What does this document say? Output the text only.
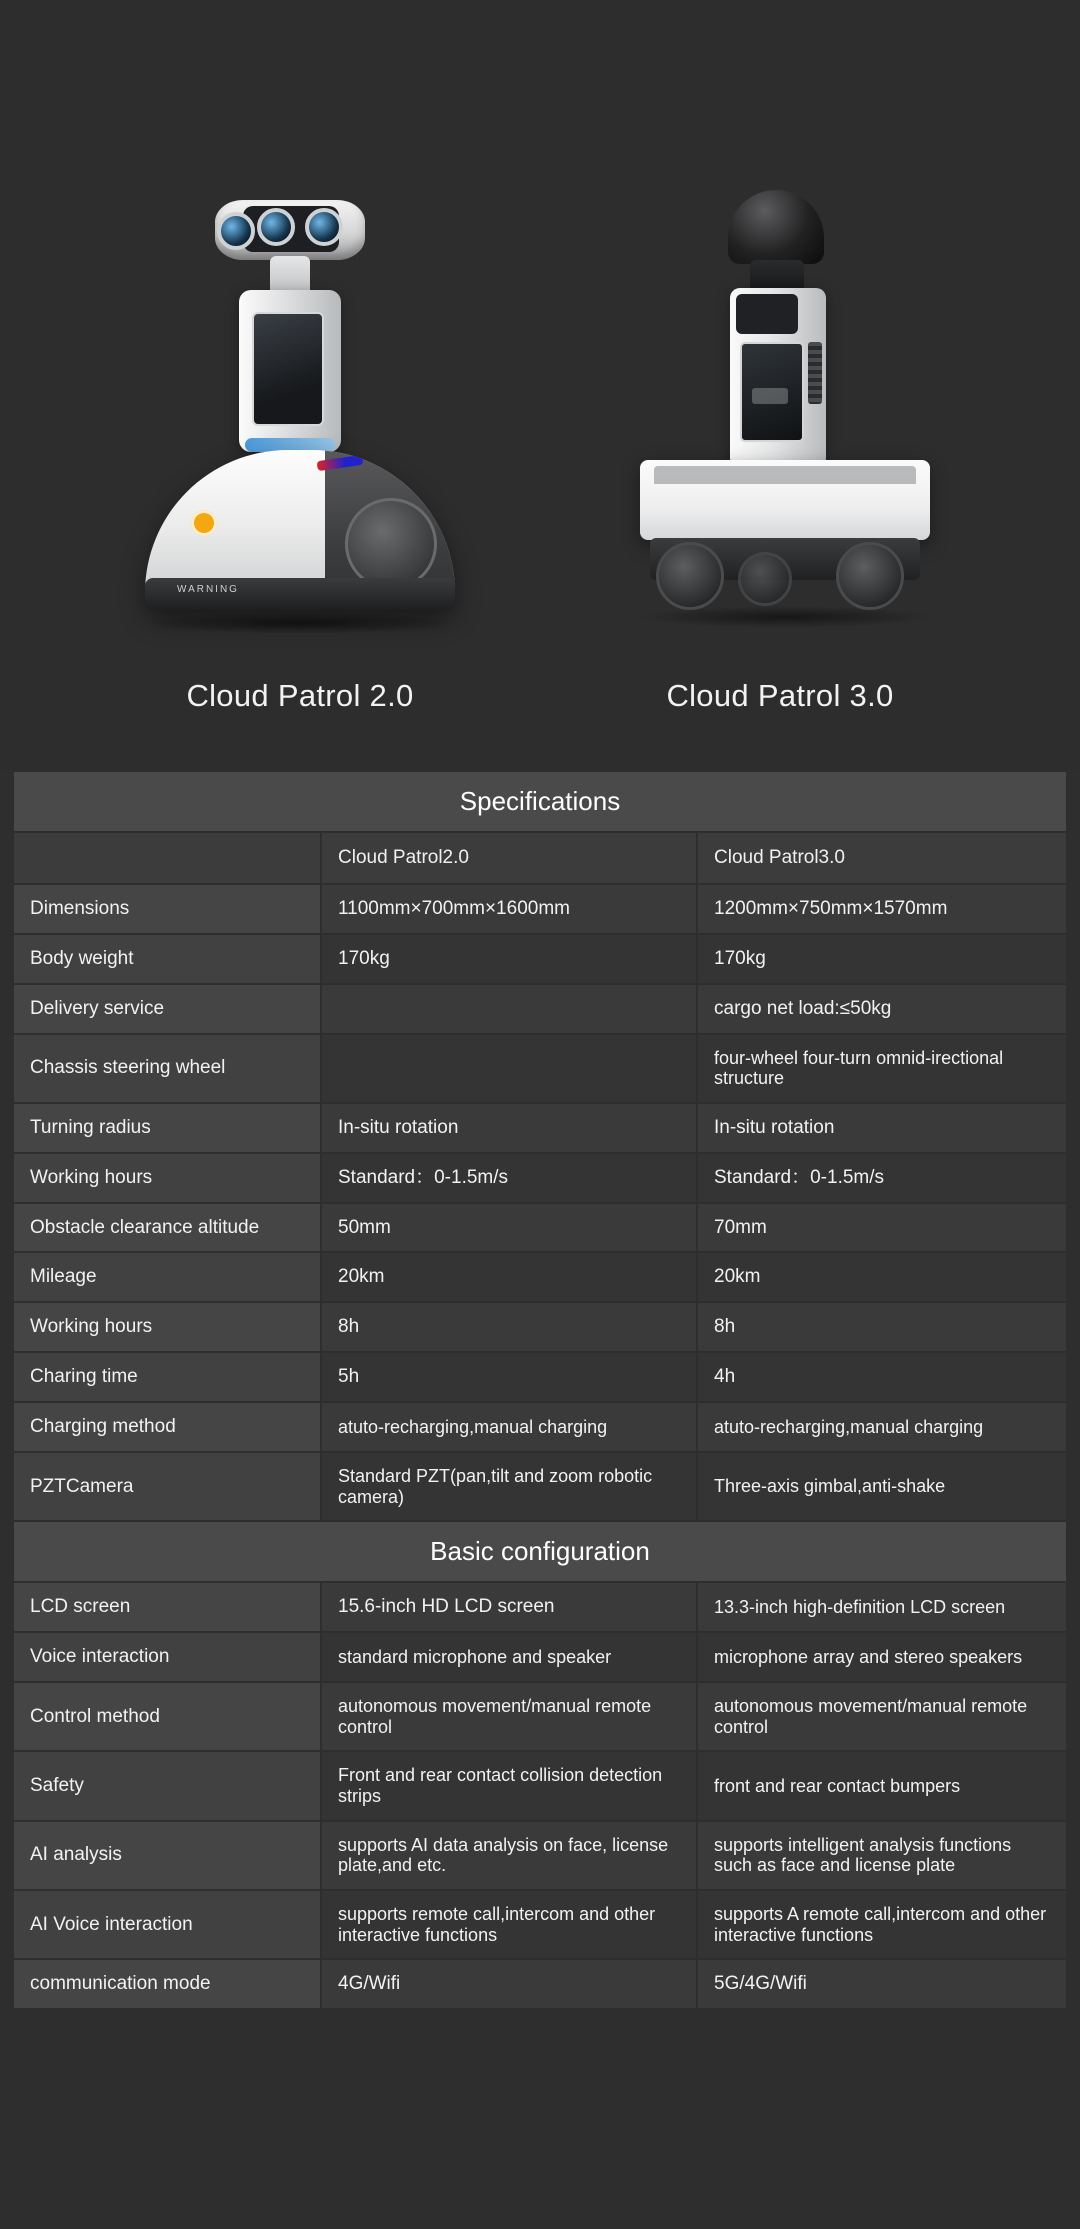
WARNING
Cloud Patrol 2.0	Cloud Patrol 3.0
Specifications		
	Cloud Patrol2.0	Cloud Patrol3.0
Dimensions	1100mm×700mm×1600mm	1200mm×750mm×1570mm
Body weight	170kg	170kg
Delivery service		cargo net load:≤50kg
Chassis steering wheel		four-wheel four-turn omnid-irectional structure
Turning radius	In-situ rotation	In-situ rotation
Working hours	Standard：0-1.5m/s	Standard：0-1.5m/s
Obstacle clearance altitude	50mm	70mm
Mileage	20km	20km
Working hours	8h	8h
Charing time	5h	4h
Charging method	atuto-recharging,manual charging	atuto-recharging,manual charging
PZTCamera	Standard PZT(pan,tilt and zoom robotic camera)	Three-axis gimbal,anti-shake
Basic configuration		
LCD screen	15.6-inch HD LCD screen	13.3-inch high-definition LCD screen
Voice interaction	standard microphone and speaker	microphone array and stereo speakers
Control method	autonomous movement/manual remote control	autonomous movement/manual remote control
Safety	Front and rear contact collision detection strips	front and rear contact bumpers
AI analysis	supports AI data analysis on face, license plate,and etc.	supports intelligent analysis functions such as face and license plate
AI Voice interaction	supports remote call,intercom and other interactive functions	supports A remote call,intercom and other interactive functions
communication mode	4G/Wifi	5G/4G/Wifi
